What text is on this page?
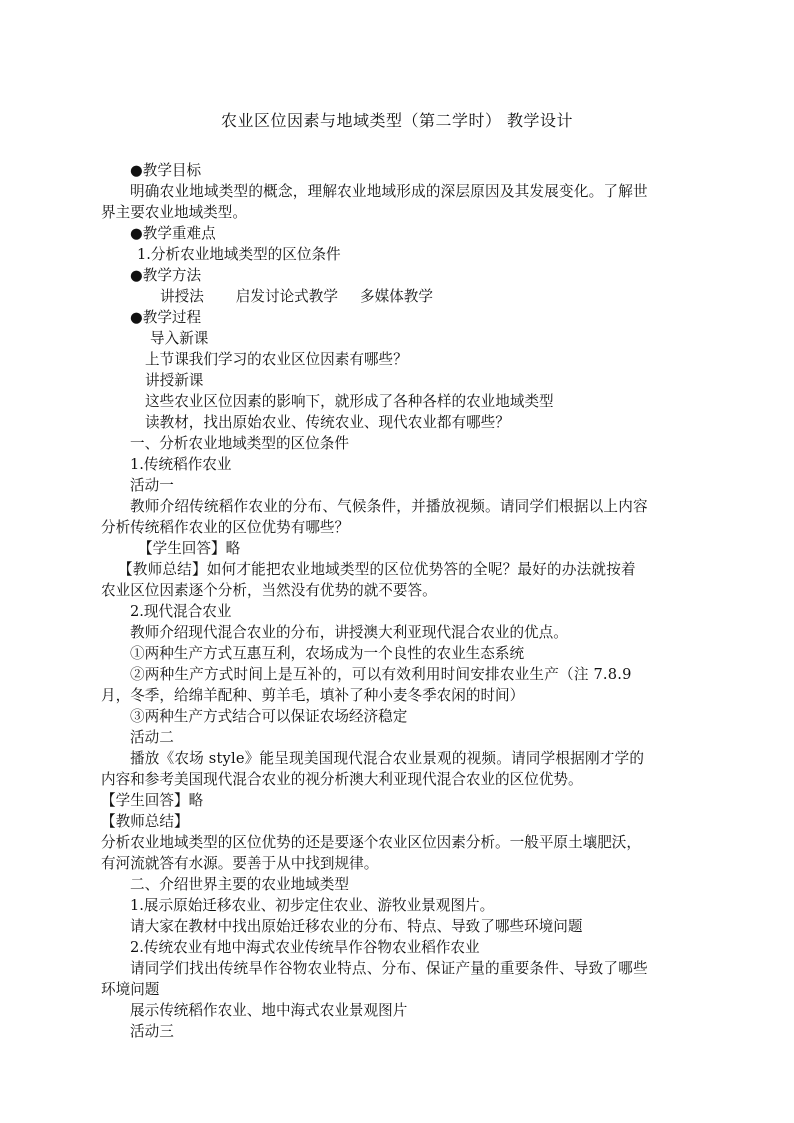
农业区位因素与地域类型（第二学时） 教学设计
●教学目标
明确农业地域类型的概念，理解农业地域形成的深层原因及其发展变化。了解世
界主要农业地域类型。
●教学重难点
1.分析农业地域类型的区位条件
●教学方法
讲授法 启发讨论式教学 多媒体教学
●教学过程
导入新课
上节课我们学习的农业区位因素有哪些？
讲授新课
这些农业区位因素的影响下，就形成了各种各样的农业地域类型
读教材，找出原始农业、传统农业、现代农业都有哪些？
一、分析农业地域类型的区位条件
1.传统稻作农业
活动一
教师介绍传统稻作农业的分布、气候条件，并播放视频。请同学们根据以上内容
分析传统稻作农业的区位优势有哪些？
【学生回答】略
【教师总结】如何才能把农业地域类型的区位优势答的全呢？最好的办法就按着
农业区位因素逐个分析，当然没有优势的就不要答。
2.现代混合农业
教师介绍现代混合农业的分布，讲授澳大利亚现代混合农业的优点。
①两种生产方式互惠互利，农场成为一个良性的农业生态系统
②两种生产方式时间上是互补的，可以有效利用时间安排农业生产（注 7.8.9
月，冬季，给绵羊配种、剪羊毛，填补了种小麦冬季农闲的时间）
③两种生产方式结合可以保证农场经济稳定
活动二
播放《农场 style》能呈现美国现代混合农业景观的视频。请同学根据刚才学的
内容和参考美国现代混合农业的视分析澳大利亚现代混合农业的区位优势。
【学生回答】略
【教师总结】
分析农业地域类型的区位优势的还是要逐个农业区位因素分析。一般平原土壤肥沃，
有河流就答有水源。要善于从中找到规律。
二、介绍世界主要的农业地域类型
1.展示原始迁移农业、初步定住农业、游牧业景观图片。
请大家在教材中找出原始迁移农业的分布、特点、导致了哪些环境问题
2.传统农业有地中海式农业传统旱作谷物农业稻作农业
请同学们找出传统旱作谷物农业特点、分布、保证产量的重要条件、导致了哪些
环境问题
展示传统稻作农业、地中海式农业景观图片
活动三
